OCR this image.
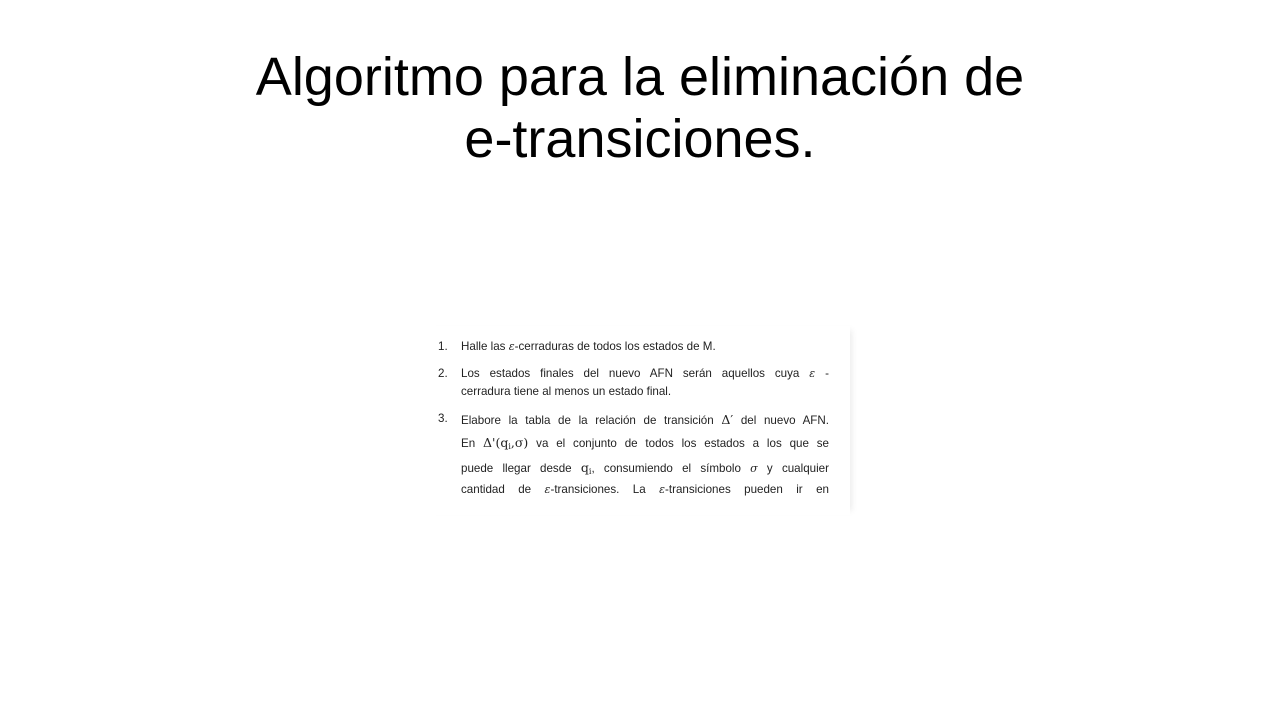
Algoritmo para la eliminación de
e-transiciones.
1.	Halle las ε-cerraduras de todos los estados de M.
2.	Los estados finales del nuevo AFN serán aquellos cuya ε -
cerradura tiene al menos un estado final.
3.	Elabore la tabla de la relación de transición Δ′ del nuevo AFN.
En $\Delta'(q_i,\sigma)$ va el conjunto de todos los estados a los que se
puede llegar desde $q_i$, consumiendo el símbolo σ y cualquier
cantidad de ε-transiciones. La ε-transiciones pueden ir en
